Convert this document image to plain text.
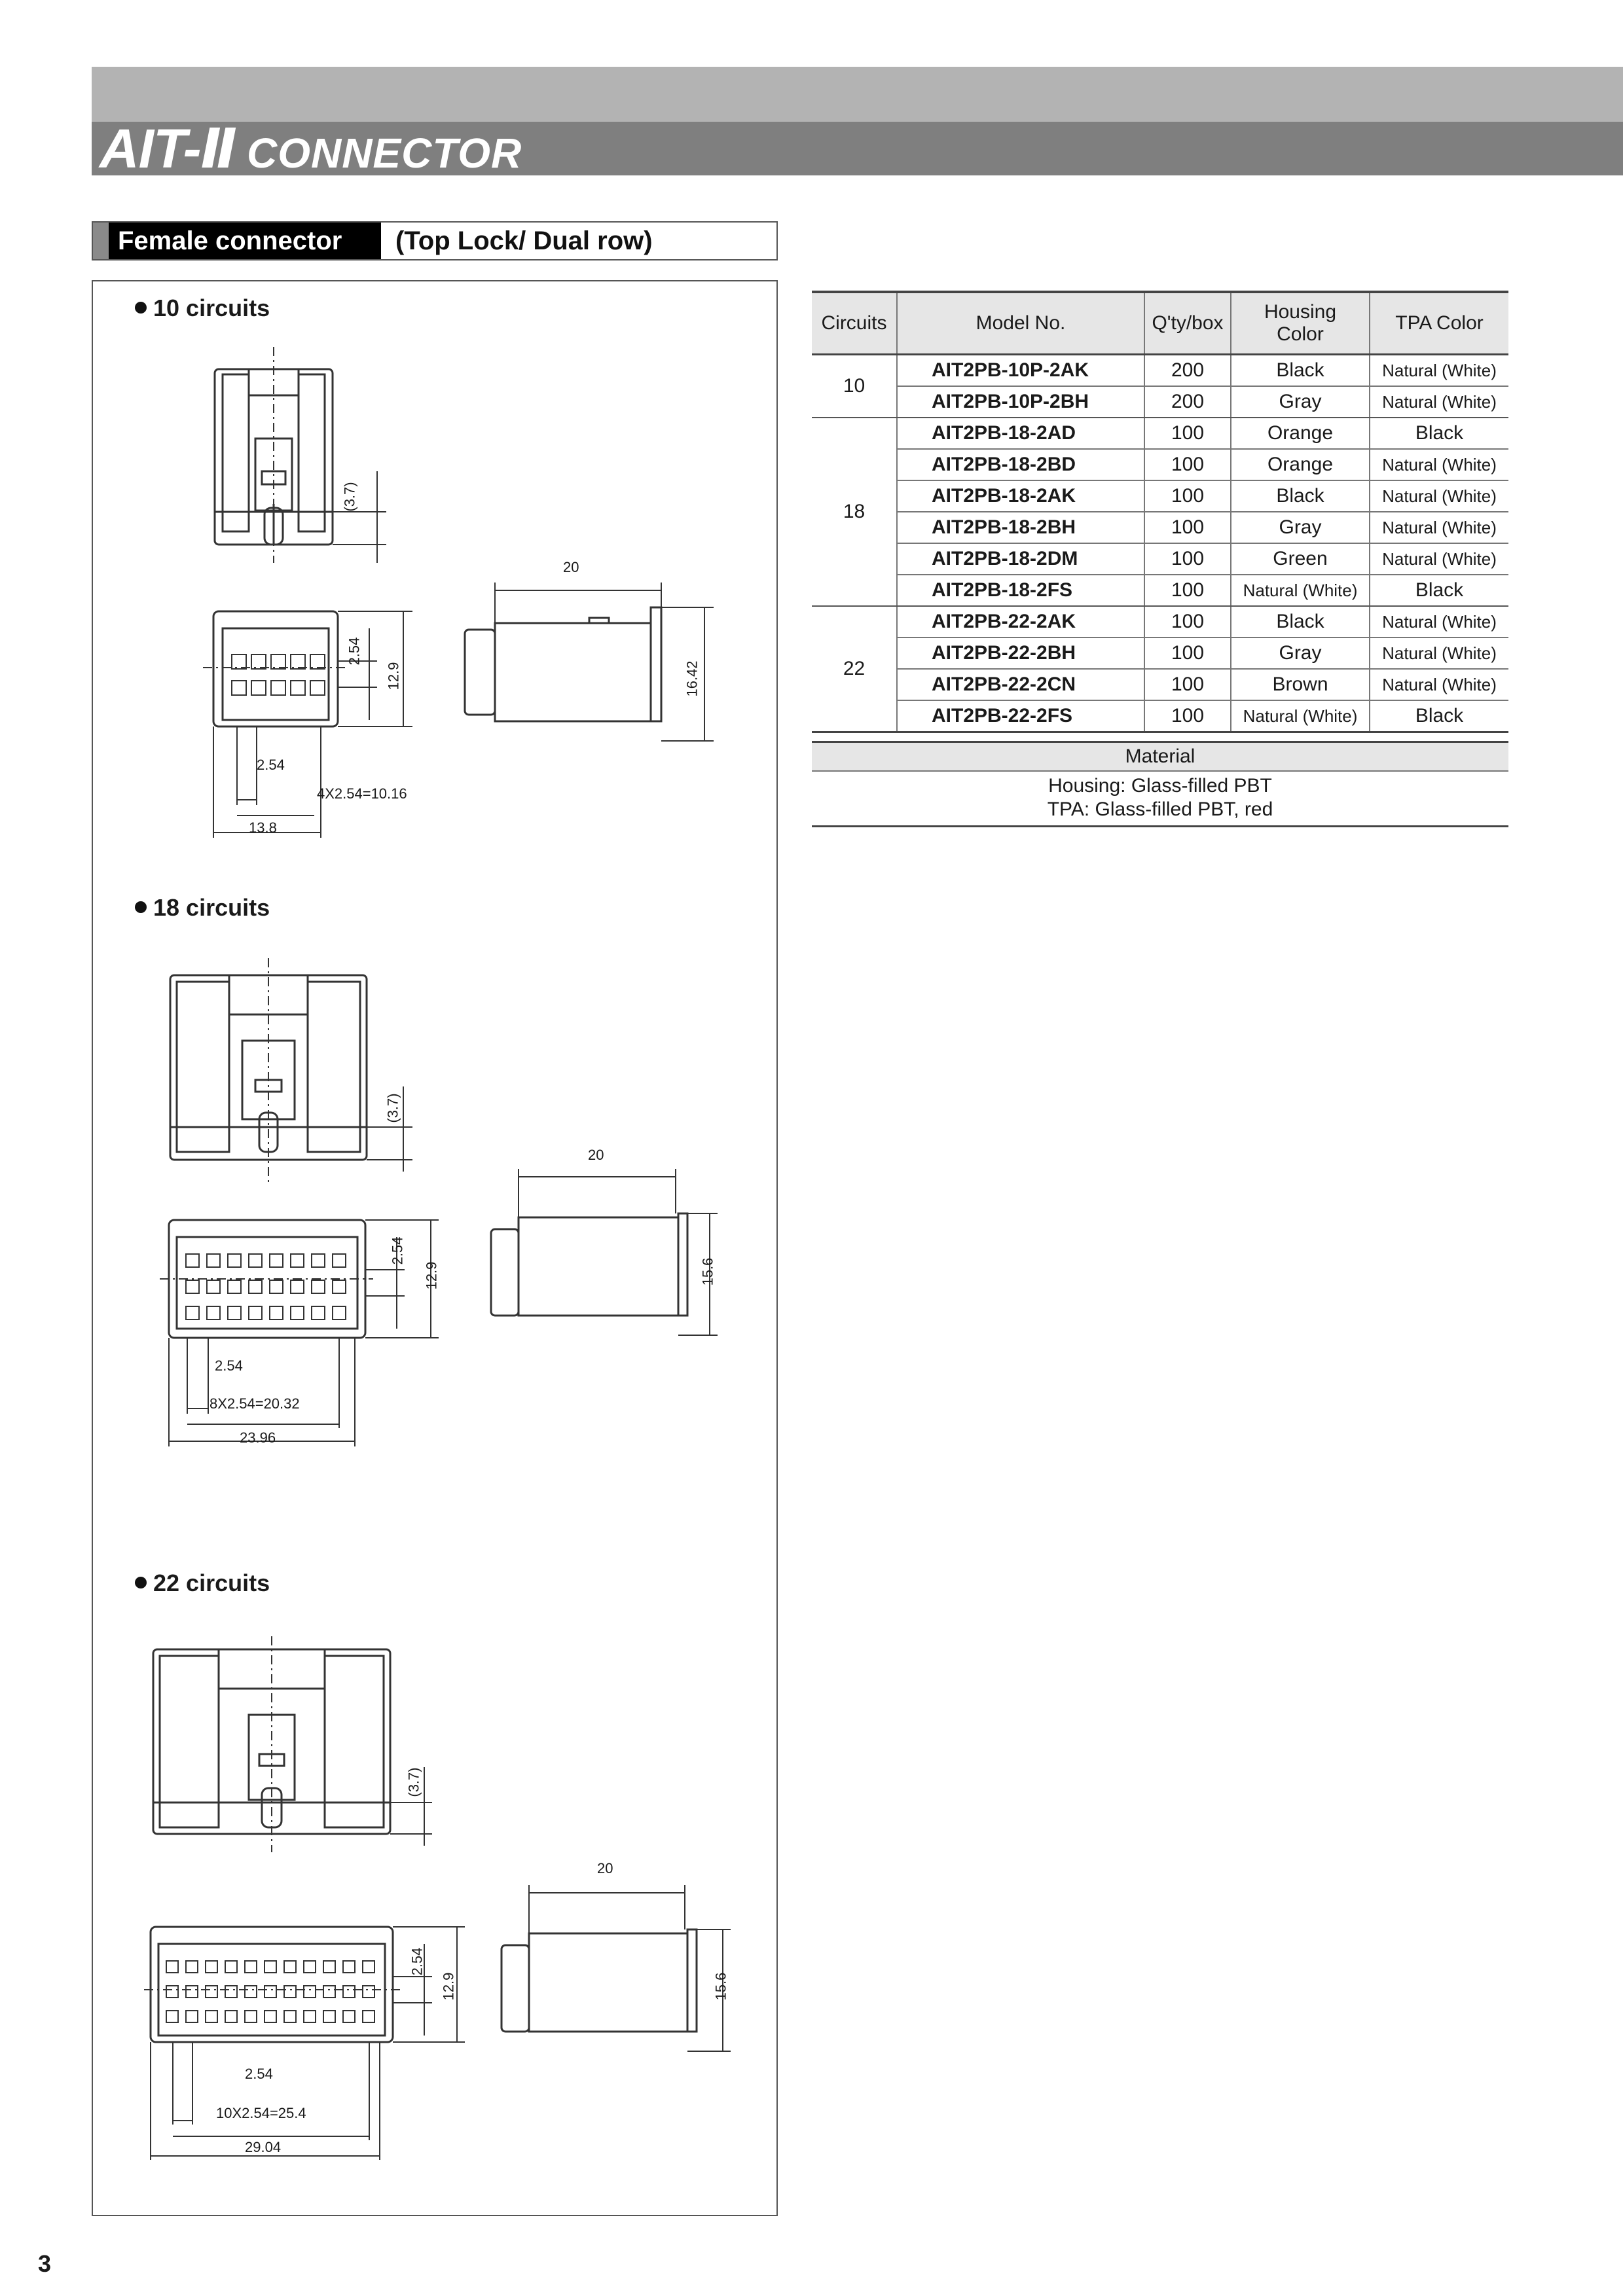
AIT-Ⅱ CONNECTOR
Female connector (Top Lock/ Dual row)
10 circuits
(3.7)
2.54
12.9
2.54
4X2.54=10.16
13.8
20
16.42
18 circuits
(3.7)
2.54
12.9
2.54
8X2.54=20.32
23.96
20
15.6
22 circuits
(3.7)
2.54
12.9
2.54
10X2.54=25.4
29.04
20
15.6
Circuits	Model No.	Q'ty/box	Housing
Color	TPA Color
10	AIT2PB-10P-2AK	200	Black	Natural (White)
	AIT2PB-10P-2BH	200	Gray	Natural (White)
18	AIT2PB-18-2AD	100	Orange	Black
	AIT2PB-18-2BD	100	Orange	Natural (White)
	AIT2PB-18-2AK	100	Black	Natural (White)
	AIT2PB-18-2BH	100	Gray	Natural (White)
	AIT2PB-18-2DM	100	Green	Natural (White)
	AIT2PB-18-2FS	100	Natural (White)	Black
22	AIT2PB-22-2AK	100	Black	Natural (White)
	AIT2PB-22-2BH	100	Gray	Natural (White)
	AIT2PB-22-2CN	100	Brown	Natural (White)
	AIT2PB-22-2FS	100	Natural (White)	Black
Material
Housing: Glass-filled PBT
TPA: Glass-filled PBT, red
3
